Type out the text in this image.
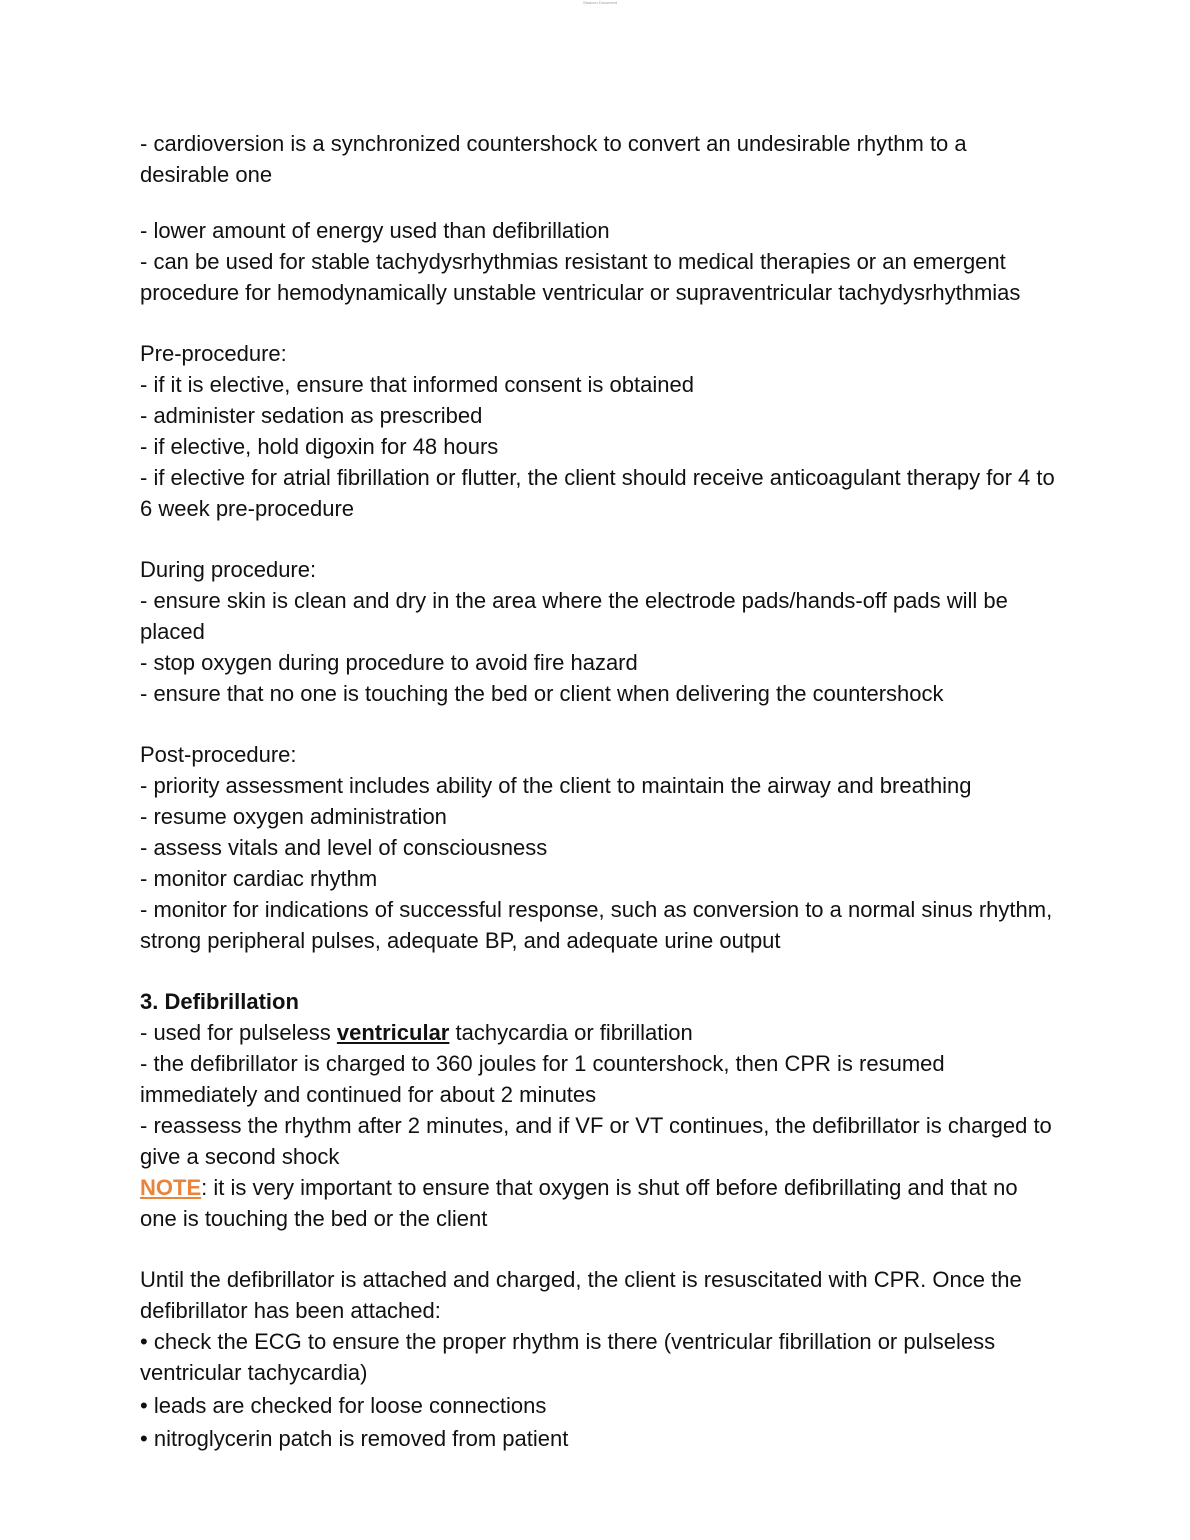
Studocu Document

- cardioversion is a synchronized countershock to convert an undesirable rhythm to a desirable one

- lower amount of energy used than defibrillation

- can be used for stable tachydysrhythmias resistant to medical therapies or an emergent procedure for hemodynamically unstable ventricular or supraventricular tachydysrhythmias

Pre-procedure:

- if it is elective, ensure that informed consent is obtained

- administer sedation as prescribed

- if elective, hold digoxin for 48 hours

- if elective for atrial fibrillation or flutter, the client should receive anticoagulant therapy for 4 to 6 week pre-procedure

During procedure:

- ensure skin is clean and dry in the area where the electrode pads/hands-off pads will be placed

- stop oxygen during procedure to avoid fire hazard

- ensure that no one is touching the bed or client when delivering the countershock

Post-procedure:

- priority assessment includes ability of the client to maintain the airway and breathing

- resume oxygen administration

- assess vitals and level of consciousness

- monitor cardiac rhythm

- monitor for indications of successful response, such as conversion to a normal sinus rhythm, strong peripheral pulses, adequate BP, and adequate urine output

3. Defibrillation

- used for pulseless ventricular tachycardia or fibrillation

- the defibrillator is charged to 360 joules for 1 countershock, then CPR is resumed immediately and continued for about 2 minutes

- reassess the rhythm after 2 minutes, and if VF or VT continues, the defibrillator is charged to give a second shock

NOTE: it is very important to ensure that oxygen is shut off before defibrillating and that no one is touching the bed or the client

Until the defibrillator is attached and charged, the client is resuscitated with CPR. Once the defibrillator has been attached:

• check the ECG to ensure the proper rhythm is there (ventricular fibrillation or pulseless ventricular tachycardia)

• leads are checked for loose connections

• nitroglycerin patch is removed from patient
